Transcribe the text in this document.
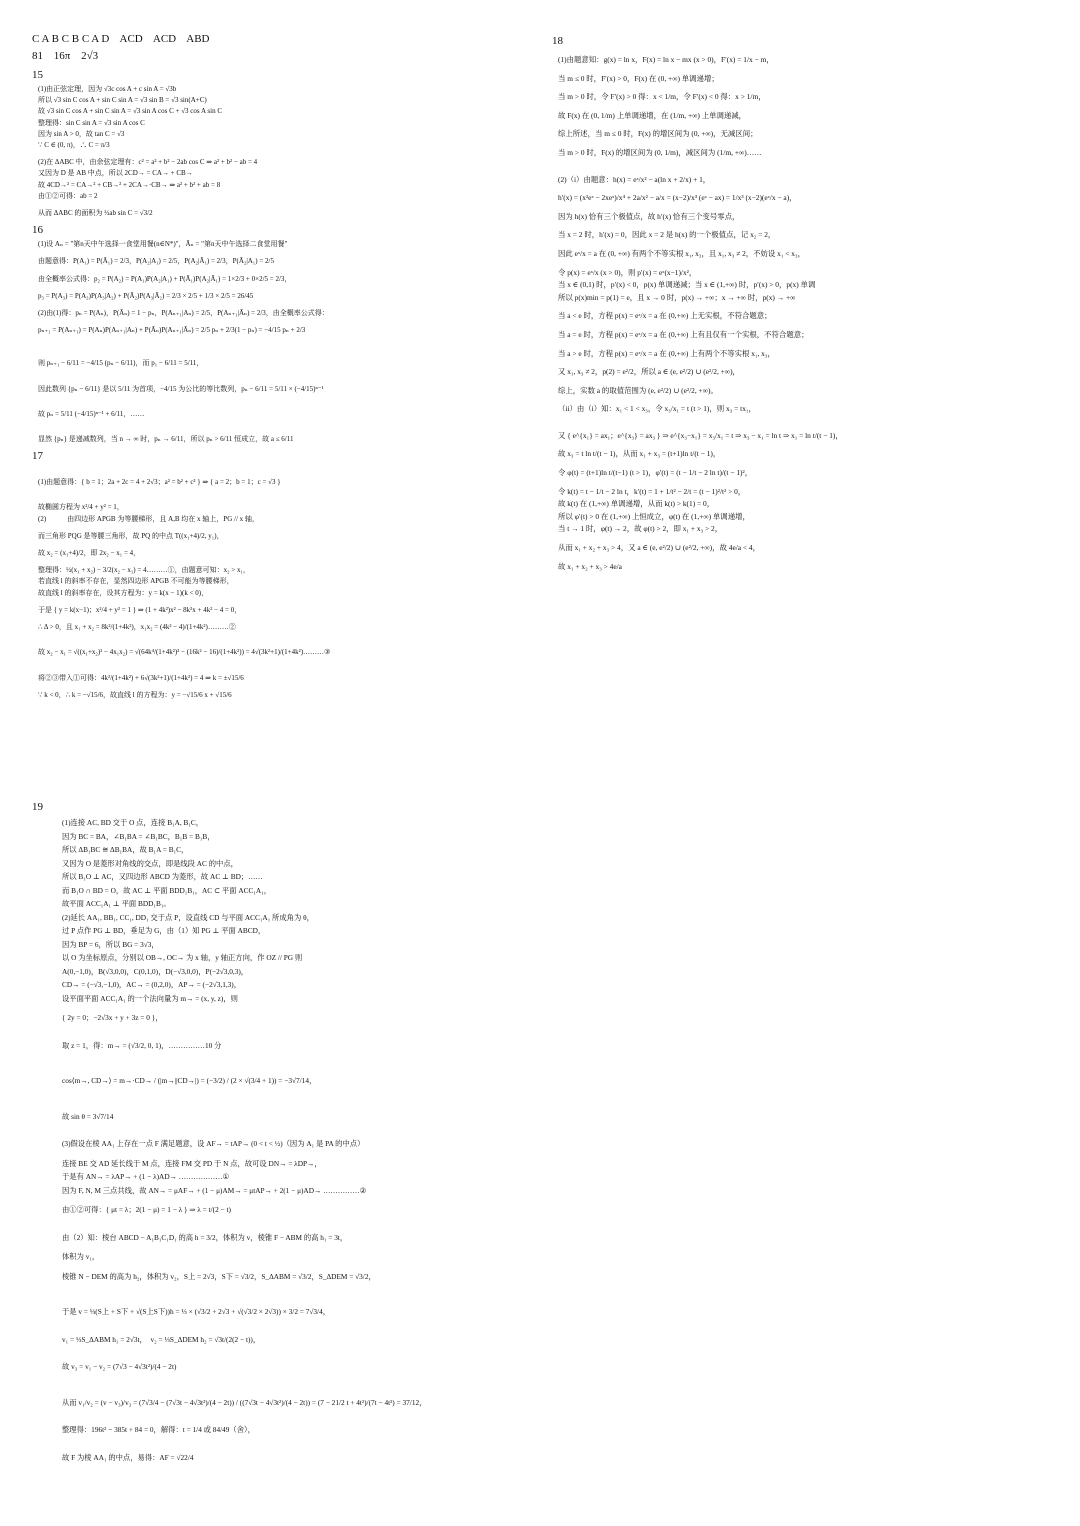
C A B C B C A D ACD ACD ABD
81 16π 2√3
15
(1)由正弦定理，因为 √3c cos A + c sin A = √3b
所以 √3 sin C cos A + sin C sin A = √3 sin B = √3 sin(A+C)
故 √3 sin C cos A + sin C sin A = √3 sin A cos C + √3 cos A sin C
整理得：sin C sin A = √3 sin A cos C
因为 sin A > 0，故 tan C = √3
∵ C ∈ (0, π)，∴ C = π/3
(2)在 ΔABC 中，由余弦定理有：c² = a² + b² − 2ab cos C ⇒ a² + b² − ab = 4
又因为 D 是 AB 中点，所以 2CD→ = CA→ + CB→
故 4CD→² = CA→² + CB→² + 2CA→·CB→ ⇒ a² + b² + ab = 8
由①②可得：ab = 2
从而 ΔABC 的面积为 ½ab sin C = √3/2
16
(1)设 Aₙ = "第n天中午选择一食堂用餐(n∈N*)"，Āₙ = "第n天中午选择二食堂用餐"
由题意得：P(A₁) = P(Ā₁) = 2/3，P(A₂|A₁) = 2/5，P(A₂|Ā₁) = 2/3，P(Ā₂|A₁) = 2/5
由全概率公式得：p₂ = P(A₂) = P(A₁)P(A₂|A₁) + P(Ā₁)P(A₂|Ā₁) = 1×2/3 + 0×2/5 = 2/3，
p₃ = P(A₃) = P(A₂)P(A₃|A₂) + P(Ā₂)P(A₃|Ā₂) = 2/3 × 2/5 + 1/3 × 2/5 = 26/45
(2)由(1)得：pₙ = P(Aₙ)，P(Āₙ) = 1 − pₙ，P(Aₙ₊₁|Aₙ) = 2/5，P(Aₙ₊₁|Āₙ) = 2/3，由全概率公式得：
pₙ₊₁ = P(Aₙ₊₁) = P(Aₙ)P(Aₙ₊₁|Aₙ) + P(Āₙ)P(Aₙ₊₁|Āₙ) = 2/5 pₙ + 2/3(1 − pₙ) = −4/15 pₙ + 2/3
则 pₙ₊₁ − 6/11 = −4/15 (pₙ − 6/11)，而 p₁ − 6/11 = 5/11，
因此数列 {pₙ − 6/11} 是以 5/11 为首项，−4/15 为公比的等比数列，pₙ − 6/11 = 5/11 × (−4/15)ⁿ⁻¹
故 pₙ = 5/11 (−4/15)ⁿ⁻¹ + 6/11，……
显然 {pₙ} 是递减数列，当 n → ∞ 时，pₙ → 6/11，所以 pₙ > 6/11 恒成立，故 a ≤ 6/11
17
(1)由题意得：{ b = 1；2a + 2c = 4 + 2√3；a² = b² + c² } ⇒ { a = 2；b = 1；c = √3 }
故椭圆方程为 x²/4 + y² = 1，
(2)　　　由四边形 APGB 为等腰梯形，且 A,B 均在 x 轴上，PG // x 轴，
而三角形 PQG 是等腰三角形，故 PQ 的中点 T((x₁+4)/2, y₁)，
故 x₂ = (x₁+4)/2，即 2x₂ − x₁ = 4，
整理得：½(x₁ + x₂) − 3/2(x₂ − x₁) = 4………①，由题意可知：x₂ > x₁，
若直线 l 的斜率不存在，显然四边形 APGB 不可能为等腰梯形，
故直线 l 的斜率存在，设其方程为：y = k(x − 1)(k < 0)，
于是 { y = k(x−1)；x²/4 + y² = 1 } ⇒ (1 + 4k²)x² − 8k²x + 4k² − 4 = 0，
∴ Δ > 0，且 x₁ + x₂ = 8k²/(1+4k²)，x₁x₂ = (4k² − 4)/(1+4k²)………②
故 x₂ − x₁ = √((x₁+x₂)² − 4x₁x₂) = √(64k⁴/(1+4k²)² − (16k² − 16)/(1+4k²)) = 4√(3k²+1)/(1+4k²)………③
将②③带入①可得：4k²/(1+4k²) + 6√(3k²+1)/(1+4k²) = 4 ⇒ k = ±√15/6
∵ k < 0，∴ k = −√15/6，故直线 l 的方程为：y = −√15/6 x + √15/6
18
(1)由题意知：g(x) = ln x，F(x) = ln x − mx (x > 0)，F′(x) = 1/x − m，
当 m ≤ 0 时，F′(x) > 0，F(x) 在 (0, +∞) 单调递增；
当 m > 0 时，令 F′(x) > 0 得：x < 1/m，令 F′(x) < 0 得：x > 1/m，
故 F(x) 在 (0, 1/m) 上单调递增，在 (1/m, +∞) 上单调递减，
综上所述，当 m ≤ 0 时，F(x) 的增区间为 (0, +∞)，无减区间；
当 m > 0 时，F(x) 的增区间为 (0, 1/m)，减区间为 (1/m, +∞)……
(2)（i）由题意：h(x) = eˣ/x² − a(ln x + 2/x) + 1，
h′(x) = (x²eˣ − 2xeˣ)/x⁴ + 2a/x² − a/x = (x−2)/x³ (eˣ − ax) = 1/x³ (x−2)(eˣ/x − a)，
因为 h(x) 恰有三个极值点，故 h′(x) 恰有三个变号零点，
当 x = 2 时，h′(x) = 0，因此 x = 2 是 h(x) 的一个极值点，记 x₂ = 2，
因此 eˣ/x = a 在 (0, +∞) 有两个不等实根 x₁, x₃，且 x₁, x₃ ≠ 2，不妨设 x₁ < x₃，
令 p(x) = eˣ/x (x > 0)，则 p′(x) = eˣ(x−1)/x²，
当 x ∈ (0,1) 时，p′(x) < 0，p(x) 单调递减；当 x ∈ (1,+∞) 时，p′(x) > 0，p(x) 单调
所以 p(x)min = p(1) = e，且 x → 0 时，p(x) → +∞；x → +∞ 时，p(x) → +∞
当 a < e 时，方程 p(x) = eˣ/x = a 在 (0,+∞) 上无实根，不符合题意；
当 a = e 时，方程 p(x) = eˣ/x = a 在 (0,+∞) 上有且仅有一个实根，不符合题意；
当 a > e 时，方程 p(x) = eˣ/x = a 在 (0,+∞) 上有两个不等实根 x₁, x₃，
又 x₁, x₃ ≠ 2，p(2) = e²/2，所以 a ∈ (e, e²/2) ∪ (e²/2, +∞)，
综上，实数 a 的取值范围为 (e, e²/2) ∪ (e²/2, +∞)。
（ii）由（i）知：x₁ < 1 < x₃，令 x₃/x₁ = t (t > 1)，则 x₃ = tx₁，
又 { e^{x₁} = ax₁；e^{x₃} = ax₃ } ⇒ e^{x₃−x₁} = x₃/x₁ = t ⇒ x₃ − x₁ = ln t ⇒ x₁ = ln t/(t − 1)，
故 x₃ = t ln t/(t − 1)，从而 x₁ + x₃ = (t+1)ln t/(t − 1)，
令 φ(t) = (t+1)ln t/(t−1) (t > 1)，φ′(t) = (t − 1/t − 2 ln t)/(t − 1)²，
令 k(t) = t − 1/t − 2 ln t，k′(t) = 1 + 1/t² − 2/t = (t − 1)²/t² > 0，
故 k(t) 在 (1,+∞) 单调递增，从而 k(t) > k(1) = 0，
所以 φ′(t) > 0 在 (1,+∞) 上恒成立，φ(t) 在 (1,+∞) 单调递增，
当 t → 1 时，φ(t) → 2，故 φ(t) > 2，即 x₁ + x₃ > 2，
从而 x₁ + x₂ + x₃ > 4，又 a ∈ (e, e²/2) ∪ (e²/2, +∞)，故 4e/a < 4，
故 x₁ + x₂ + x₃ > 4e/a
19
(1)连接 AC, BD 交于 O 点，连接 B₁A, B₁C，
因为 BC = BA，∠B₁BA = ∠B₁BC，B₁B = B₁B，
所以 ΔB₁BC ≅ ΔB₁BA，故 B₁A = B₁C，
又因为 O 是菱形对角线的交点，即是线段 AC 的中点，
所以 B₁O ⊥ AC，又四边形 ABCD 为菱形，故 AC ⊥ BD；……
而 B₁O ∩ BD = O，故 AC ⊥ 平面 BDD₁B₁，AC ⊂ 平面 ACC₁A₁，
故平面 ACC₁A₁ ⊥ 平面 BDD₁B₁。
(2)延长 AA₁, BB₁, CC₁, DD₁ 交于点 P，设直线 CD 与平面 ACC₁A₁ 所成角为 θ，
过 P 点作 PG ⊥ BD，垂足为 G，由（1）知 PG ⊥ 平面 ABCD，
因为 BP = 6，所以 BG = 3√3，
以 O 为坐标原点，分别以 OB→, OC→ 为 x 轴，y 轴正方向，作 OZ // PG 则
A(0,−1,0)，B(√3,0,0)，C(0,1,0)，D(−√3,0,0)，P(−2√3,0,3)，
CD→ = (−√3,−1,0)，AC→ = (0,2,0)，AP→ = (−2√3,1,3)，
设平面平面 ACC₁A₁ 的一个法向量为 m→ = (x, y, z)，则
{ 2y = 0；−2√3x + y + 3z = 0 }，
取 z = 1，得：m→ = (√3/2, 0, 1)，……………10 分
cos⟨m→, CD→⟩ = m→·CD→ / (|m→||CD→|) = (−3/2) / (2 × √(3/4 + 1)) = −3√7/14，
故 sin θ = 3√7/14
(3)假设在棱 AA₁ 上存在一点 F 满足题意，设 AF→ = tAP→ (0 < t < ½)（因为 A₁ 是 PA 的中点）
连接 BE 交 AD 延长线于 M 点，连接 FM 交 PD 于 N 点，故可设 DN→ = λDP→，
于是有 AN→ = λAP→ + (1 − λ)AD→ ………………①
因为 F, N, M 三点共线，故 AN→ = μAF→ + (1 − μ)AM→ = μtAP→ + 2(1 − μ)AD→ ……………②
由①②可得：{ μt = λ；2(1 − μ) = 1 − λ } ⇒ λ = t/(2 − t)
由（2）知：棱台 ABCD − A₁B₁C₁D₁ 的高 h = 3/2，体积为 v，棱锥 F − ABM 的高 h₁ = 3t，
体积为 v₁，
棱锥 N − DEM 的高为 h₂，体积为 v₂，S上 = 2√3，S下 = √3/2，S_ΔABM = √3/2，S_ΔDEM = √3/2，
于是 v = ⅓(S上 + S下 + √(S上S下))h = ⅓ × (√3/2 + 2√3 + √(√3/2 × 2√3)) × 3/2 = 7√3/4，
v₁ = ⅓S_ΔABM h₁ = 2√3t，　v₂ = ⅓S_ΔDEM h₂ = √3t/(2(2 − t))，
故 v₃ = v₁ − v₂ = (7√3 − 4√3t²)/(4 − 2t)
从而 v₁/v₂ = (v − v₃)/v₃ = (7√3/4 − (7√3t − 4√3t²)/(4 − 2t)) / ((7√3t − 4√3t²)/(4 − 2t)) = (7 − 21/2 t + 4t²)/(7t − 4t²) = 37/12，
整理得：196t² − 385t + 84 = 0，解得：t = 1/4 或 84/49（舍），
故 F 为棱 AA₁ 的中点，易得：AF = √22/4
